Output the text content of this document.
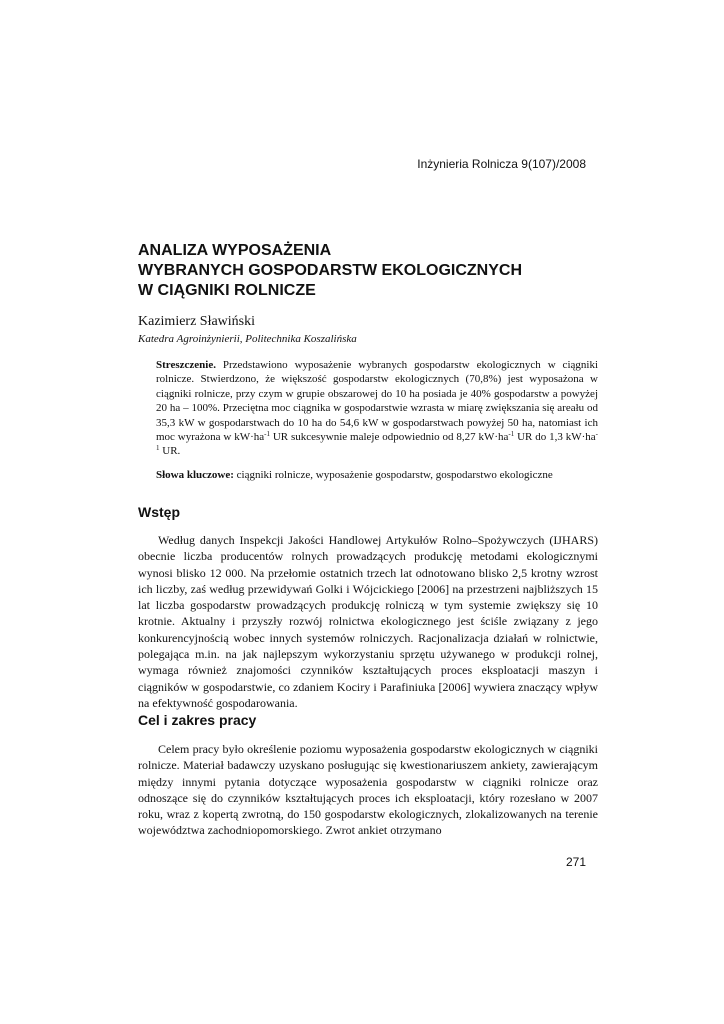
Inżynieria Rolnicza 9(107)/2008
ANALIZA WYPOSAŻENIA
WYBRANYCH GOSPODARSTW EKOLOGICZNYCH
W CIĄGNIKI ROLNICZE
Kazimierz Sławiński
Katedra Agroinżynierii, Politechnika Koszalińska

Streszczenie. Przedstawiono wyposażenie wybranych gospodarstw ekologicznych w ciągniki rolnicze. Stwierdzono, że większość gospodarstw ekologicznych (70,8%) jest wyposażona w ciągniki rolnicze, przy czym w grupie obszarowej do 10 ha posiada je 40% gospodarstw a powyżej 20 ha – 100%. Przeciętna moc ciągnika w gospodarstwie wzrasta w miarę zwiększania się areału od 35,3 kW w gospodarstwach do 10 ha do 54,6 kW w gospodarstwach powyżej 50 ha, natomiast ich moc wyrażona w $kW\cdot ha^{-1}$ UR sukcesywnie maleje odpowiednio od 8,27 $kW\cdot ha^{-1}$ UR do 1,3 $kW\cdot ha^{-1}$ UR.

Słowa kluczowe: ciągniki rolnicze, wyposażenie gospodarstw, gospodarstwo ekologiczne
Wstęp

Według danych Inspekcji Jakości Handlowej Artykułów Rolno–Spożywczych (IJHARS) obecnie liczba producentów rolnych prowadzących produkcję metodami ekologicznymi wynosi blisko 12 000. Na przełomie ostatnich trzech lat odnotowano blisko 2,5 krotny wzrost ich liczby, zaś według przewidywań Golki i Wójcickiego [2006] na przestrzeni najbliższych 15 lat liczba gospodarstw prowadzących produkcję rolniczą w tym systemie zwiększy się 10 krotnie. Aktualny i przyszły rozwój rolnictwa ekologicznego jest ściśle związany z jego konkurencyjnością wobec innych systemów rolniczych. Racjonalizacja działań w rolnictwie, polegająca m.in. na jak najlepszym wykorzystaniu sprzętu używanego w produkcji rolnej, wymaga również znajomości czynników kształtujących proces eksploatacji maszyn i ciągników w gospodarstwie, co zdaniem Kociry i Parafiniuka [2006] wywiera znaczący wpływ na efektywność gospodarowania.

Cel i zakres pracy

Celem pracy było określenie poziomu wyposażenia gospodarstw ekologicznych w ciągniki rolnicze. Materiał badawczy uzyskano posługując się kwestionariuszem ankiety, zawierającym między innymi pytania dotyczące wyposażenia gospodarstw w ciągniki rolnicze oraz odnoszące się do czynników kształtujących proces ich eksploatacji, który rozesłano w 2007 roku, wraz z kopertą zwrotną, do 150 gospodarstw ekologicznych, zlokalizowanych na terenie województwa zachodniopomorskiego. Zwrot ankiet otrzymano

271
